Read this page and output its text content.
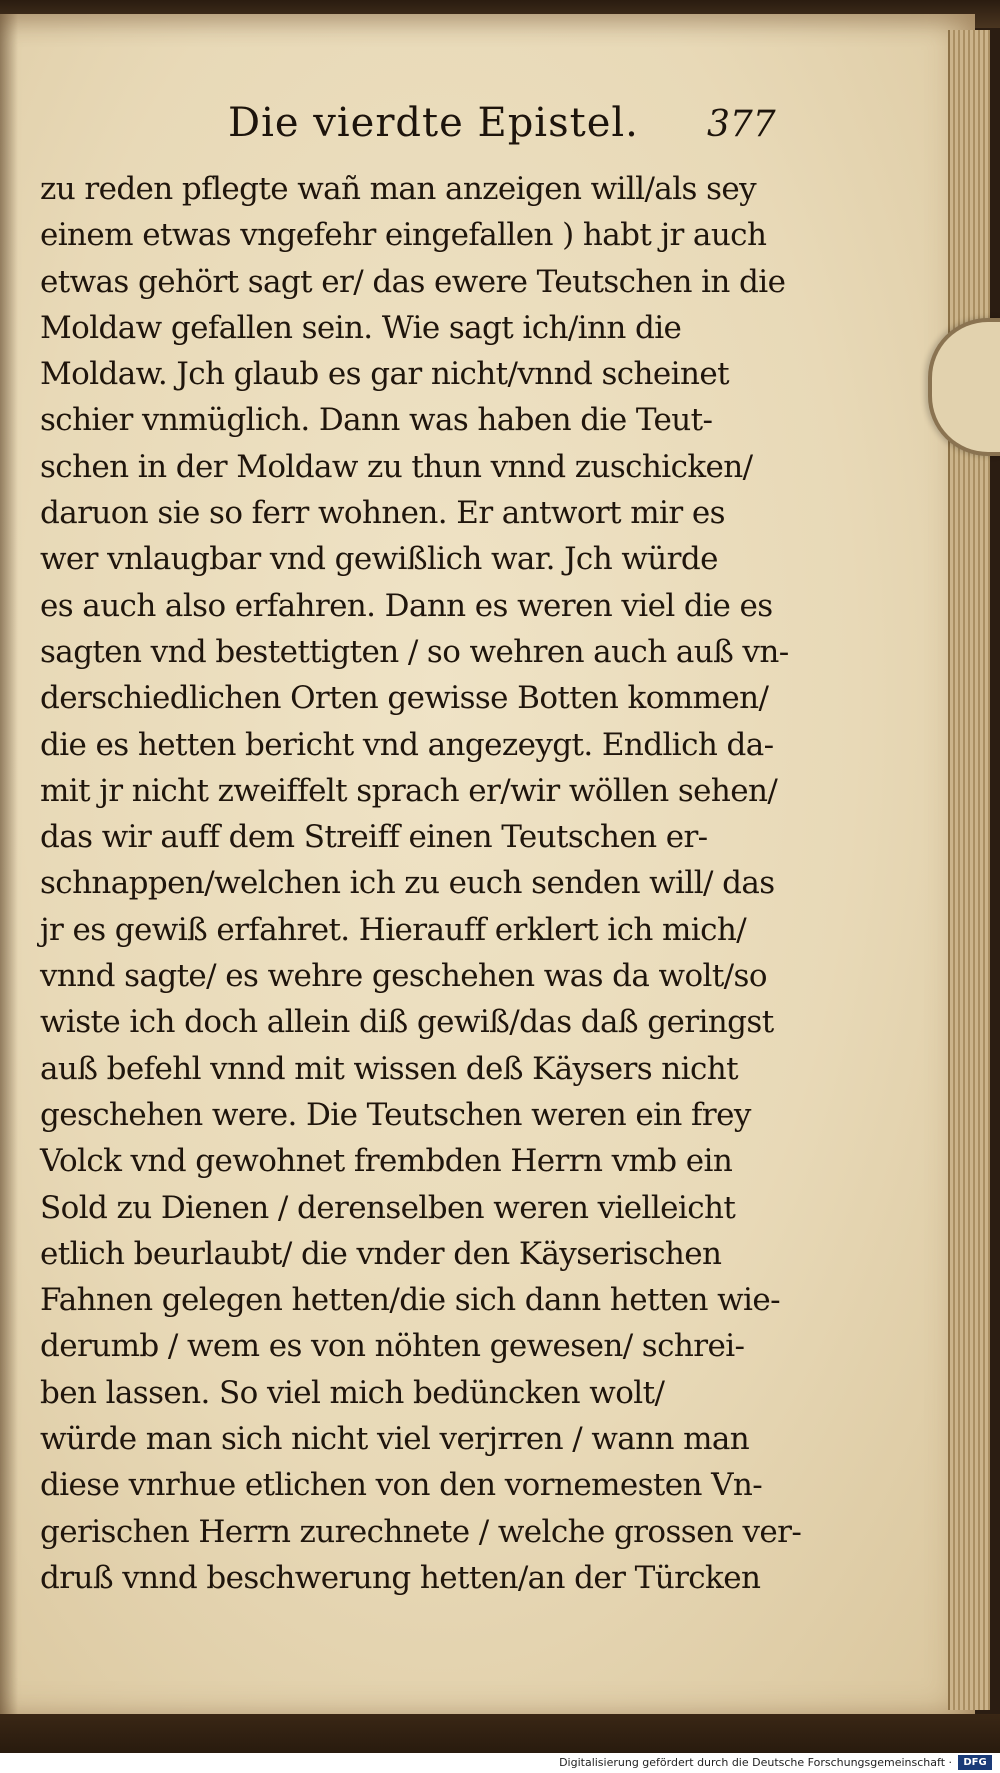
Die vierdte Epistel. 377
zu reden pflegte wañ man anzeigen will/als sey
einem etwas vngefehr eingefallen ) habt jr auch
etwas gehört sagt er/ das ewere Teutschen in die
Moldaw gefallen sein. Wie sagt ich/inn die
Moldaw. Jch glaub es gar nicht/vnnd scheinet
schier vnmüglich. Dann was haben die Teut-
schen in der Moldaw zu thun vnnd zuschicken/
daruon sie so ferr wohnen. Er antwort mir es
wer vnlaugbar vnd gewißlich war. Jch würde
es auch also erfahren. Dann es weren viel die es
sagten vnd bestettigten / so wehren auch auß vn-
derschiedlichen Orten gewisse Botten kommen/
die es hetten bericht vnd angezeygt. Endlich da-
mit jr nicht zweiffelt sprach er/wir wöllen sehen/
das wir auff dem Streiff einen Teutschen er-
schnappen/welchen ich zu euch senden will/ das
jr es gewiß erfahret. Hierauff erklert ich mich/
vnnd sagte/ es wehre geschehen was da wolt/so
wiste ich doch allein diß gewiß/das daß geringst
auß befehl vnnd mit wissen deß Käysers nicht
geschehen were. Die Teutschen weren ein frey
Volck vnd gewohnet frembden Herrn vmb ein
Sold zu Dienen / derenselben weren vielleicht
etlich beurlaubt/ die vnder den Käyserischen
Fahnen gelegen hetten/die sich dann hetten wie-
derumb / wem es von nöhten gewesen/ schrei-
ben lassen. So viel mich bedüncken wolt/
würde man sich nicht viel verjrren / wann man
diese vnrhue etlichen von den vornemesten Vn-
gerischen Herrn zurechnete / welche grossen ver-
druß vnnd beschwerung hetten/an der Türcken
Digitalisierung gefördert durch die Deutsche Forschungsgemeinschaft ·	DFG
